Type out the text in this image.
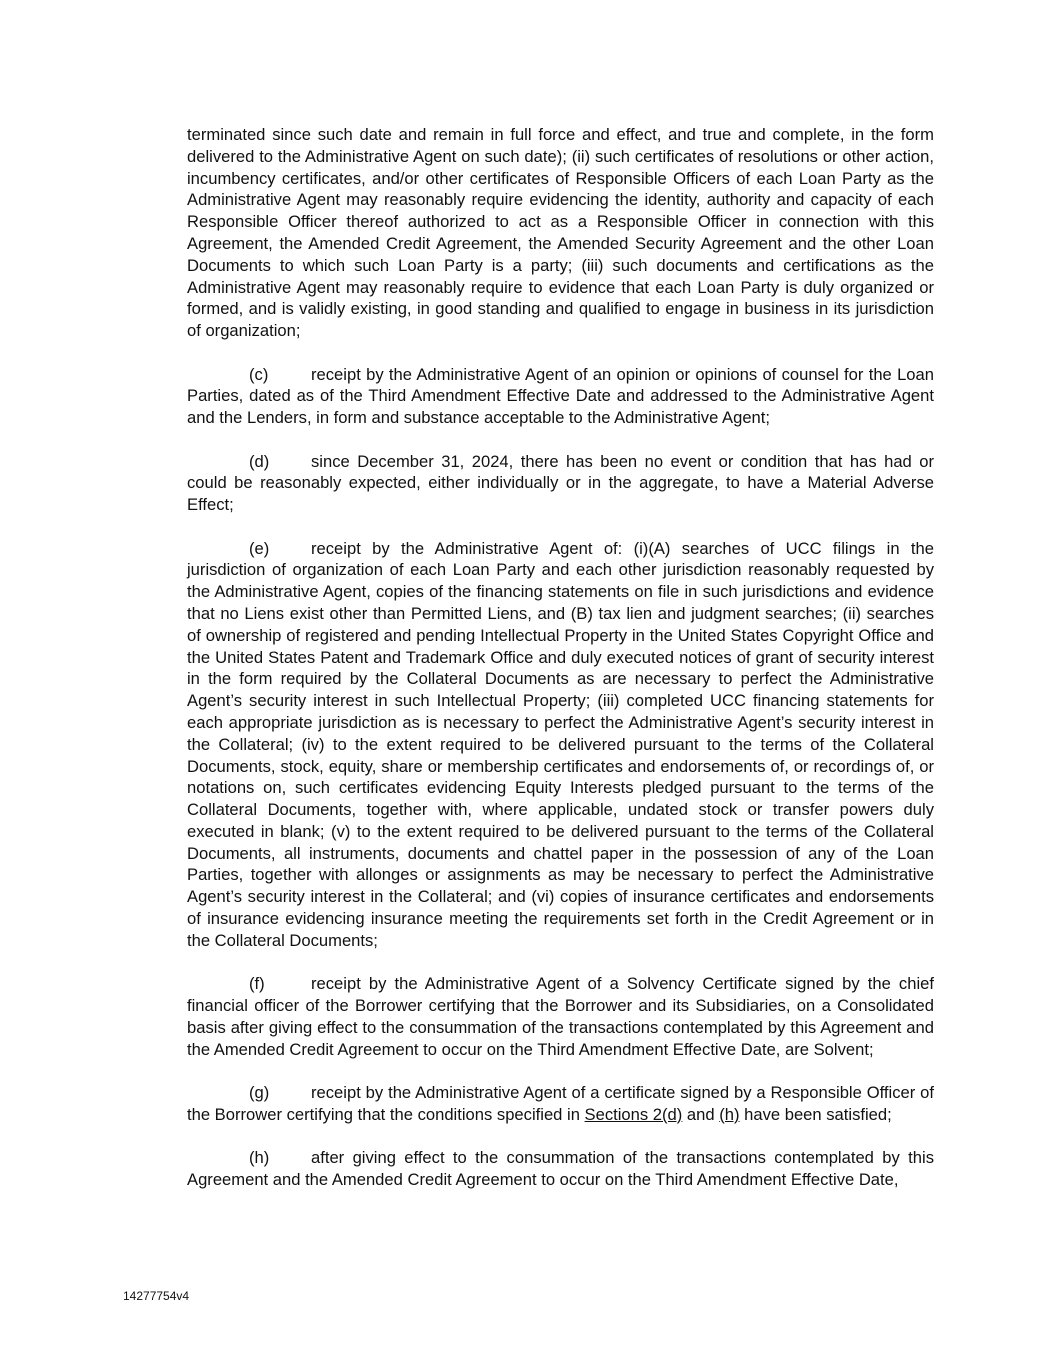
terminated since such date and remain in full force and effect, and true and complete, in the form delivered to the Administrative Agent on such date); (ii) such certificates of resolutions or other action, incumbency certificates, and/or other certificates of Responsible Officers of each Loan Party as the Administrative Agent may reasonably require evidencing the identity, authority and capacity of each Responsible Officer thereof authorized to act as a Responsible Officer in connection with this Agreement, the Amended Credit Agreement, the Amended Security Agreement and the other Loan Documents to which such Loan Party is a party; (iii) such documents and certifications as the Administrative Agent may reasonably require to evidence that each Loan Party is duly organized or formed, and is validly existing, in good standing and qualified to engage in business in its jurisdiction of organization;

(c)	receipt by the Administrative Agent of an opinion or opinions of counsel for the Loan Parties, dated as of the Third Amendment Effective Date and addressed to the Administrative Agent and the Lenders, in form and substance acceptable to the Administrative Agent;

(d)	since December 31, 2024, there has been no event or condition that has had or could be reasonably expected, either individually or in the aggregate, to have a Material Adverse Effect;

(e)	receipt by the Administrative Agent of: (i)(A) searches of UCC filings in the jurisdiction of organization of each Loan Party and each other jurisdiction reasonably requested by the Administrative Agent, copies of the financing statements on file in such jurisdictions and evidence that no Liens exist other than Permitted Liens, and (B) tax lien and judgment searches; (ii) searches of ownership of registered and pending Intellectual Property in the United States Copyright Office and the United States Patent and Trademark Office and duly executed notices of grant of security interest in the form required by the Collateral Documents as are necessary to perfect the Administrative Agent’s security interest in such Intellectual Property; (iii) completed UCC financing statements for each appropriate jurisdiction as is necessary to perfect the Administrative Agent’s security interest in the Collateral; (iv) to the extent required to be delivered pursuant to the terms of the Collateral Documents, stock, equity, share or membership certificates and endorsements of, or recordings of, or notations on, such certificates evidencing Equity Interests pledged pursuant to the terms of the Collateral Documents, together with, where applicable, undated stock or transfer powers duly executed in blank; (v) to the extent required to be delivered pursuant to the terms of the Collateral Documents, all instruments, documents and chattel paper in the possession of any of the Loan Parties, together with allonges or assignments as may be necessary to perfect the Administrative Agent’s security interest in the Collateral; and (vi) copies of insurance certificates and endorsements of insurance evidencing insurance meeting the requirements set forth in the Credit Agreement or in the Collateral Documents;

(f)	receipt by the Administrative Agent of a Solvency Certificate signed by the chief financial officer of the Borrower certifying that the Borrower and its Subsidiaries, on a Consolidated basis after giving effect to the consummation of the transactions contemplated by this Agreement and the Amended Credit Agreement to occur on the Third Amendment Effective Date, are Solvent;

(g)	receipt by the Administrative Agent of a certificate signed by a Responsible Officer of the Borrower certifying that the conditions specified in Sections 2(d) and (h) have been satisfied;

(h)	after giving effect to the consummation of the transactions contemplated by this Agreement and the Amended Credit Agreement to occur on the Third Amendment Effective Date,

14277754v4
